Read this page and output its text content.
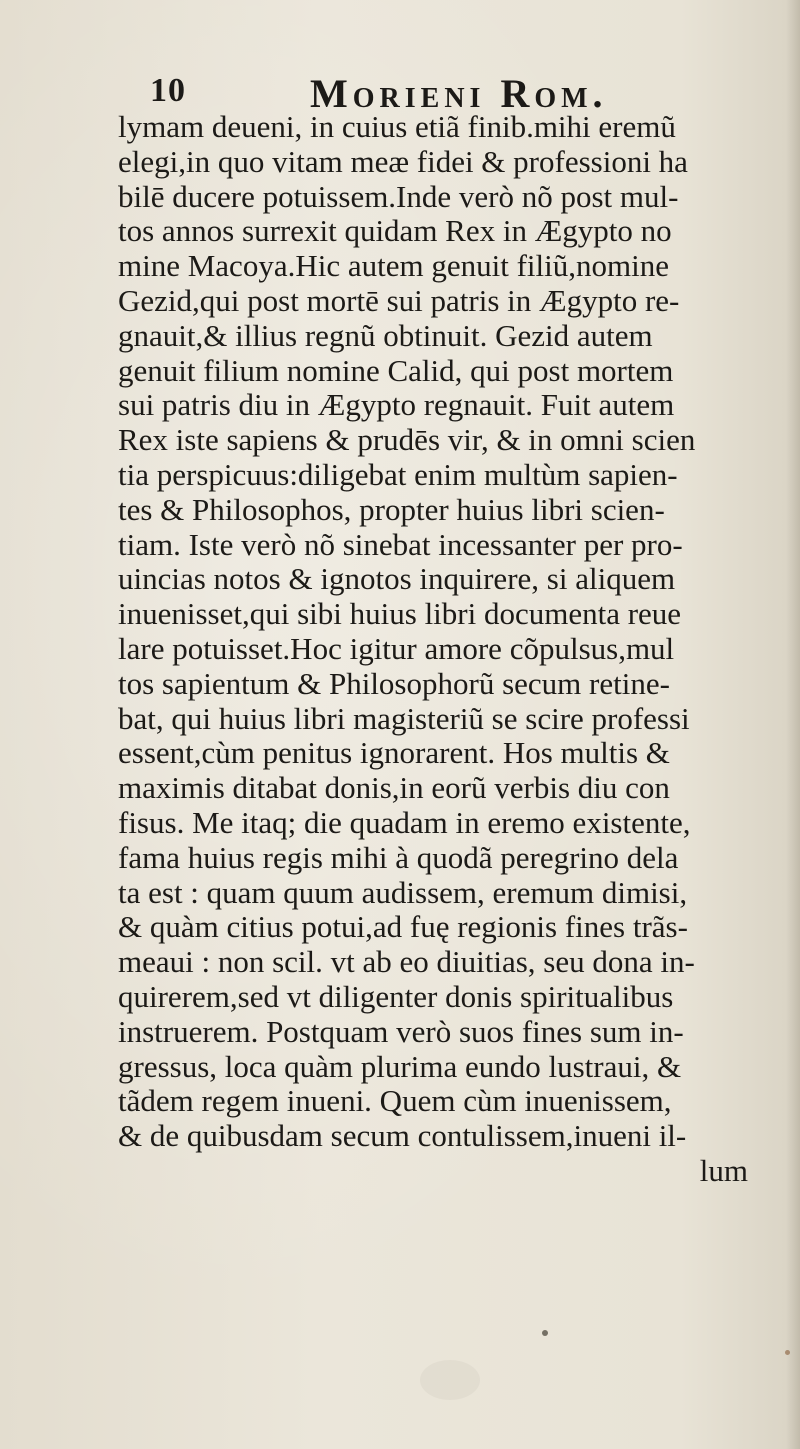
10	Morieni Rom.
lymam deueni, in cuius etiã finib.mihi eremũ
elegi,in quo vitam meæ fidei & professioni ha
bilē ducere potuissem.Inde verò nõ post mul-
tos annos surrexit quidam Rex in Ægypto no
mine Macoya.Hic autem genuit filiũ,nomine
Gezid,qui post mortē sui patris in Ægypto re-
gnauit,& illius regnũ obtinuit. Gezid autem
genuit filium nomine Calid, qui post mortem
sui patris diu in Ægypto regnauit. Fuit autem
Rex iste sapiens & prudēs vir, & in omni scien
tia perspicuus:diligebat enim multùm sapien-
tes & Philosophos, propter huius libri scien-
tiam. Iste verò nõ sinebat incessanter per pro-
uincias notos & ignotos inquirere, si aliquem
inuenisset,qui sibi huius libri documenta reue
lare potuisset.Hoc igitur amore cõpulsus,mul
tos sapientum & Philosophorũ secum retine-
bat, qui huius libri magisteriũ se scire professi
essent,cùm penitus ignorarent. Hos multis &
maximis ditabat donis,in eorũ verbis diu con
fisus. Me itaq; die quadam in eremo existente,
fama huius regis mihi à quodã peregrino dela
ta est : quam quum audissem, eremum dimisi,
& quàm citius potui,ad fuę regionis fines trãs-
meaui : non scil. vt ab eo diuitias, seu dona in-
quirerem,sed vt diligenter donis spiritualibus
instruerem. Postquam verò suos fines sum in-
gressus, loca quàm plurima eundo lustraui, &
tãdem regem inueni. Quem cùm inuenissem,
& de quibusdam secum contulissem,inueni il-
lum
